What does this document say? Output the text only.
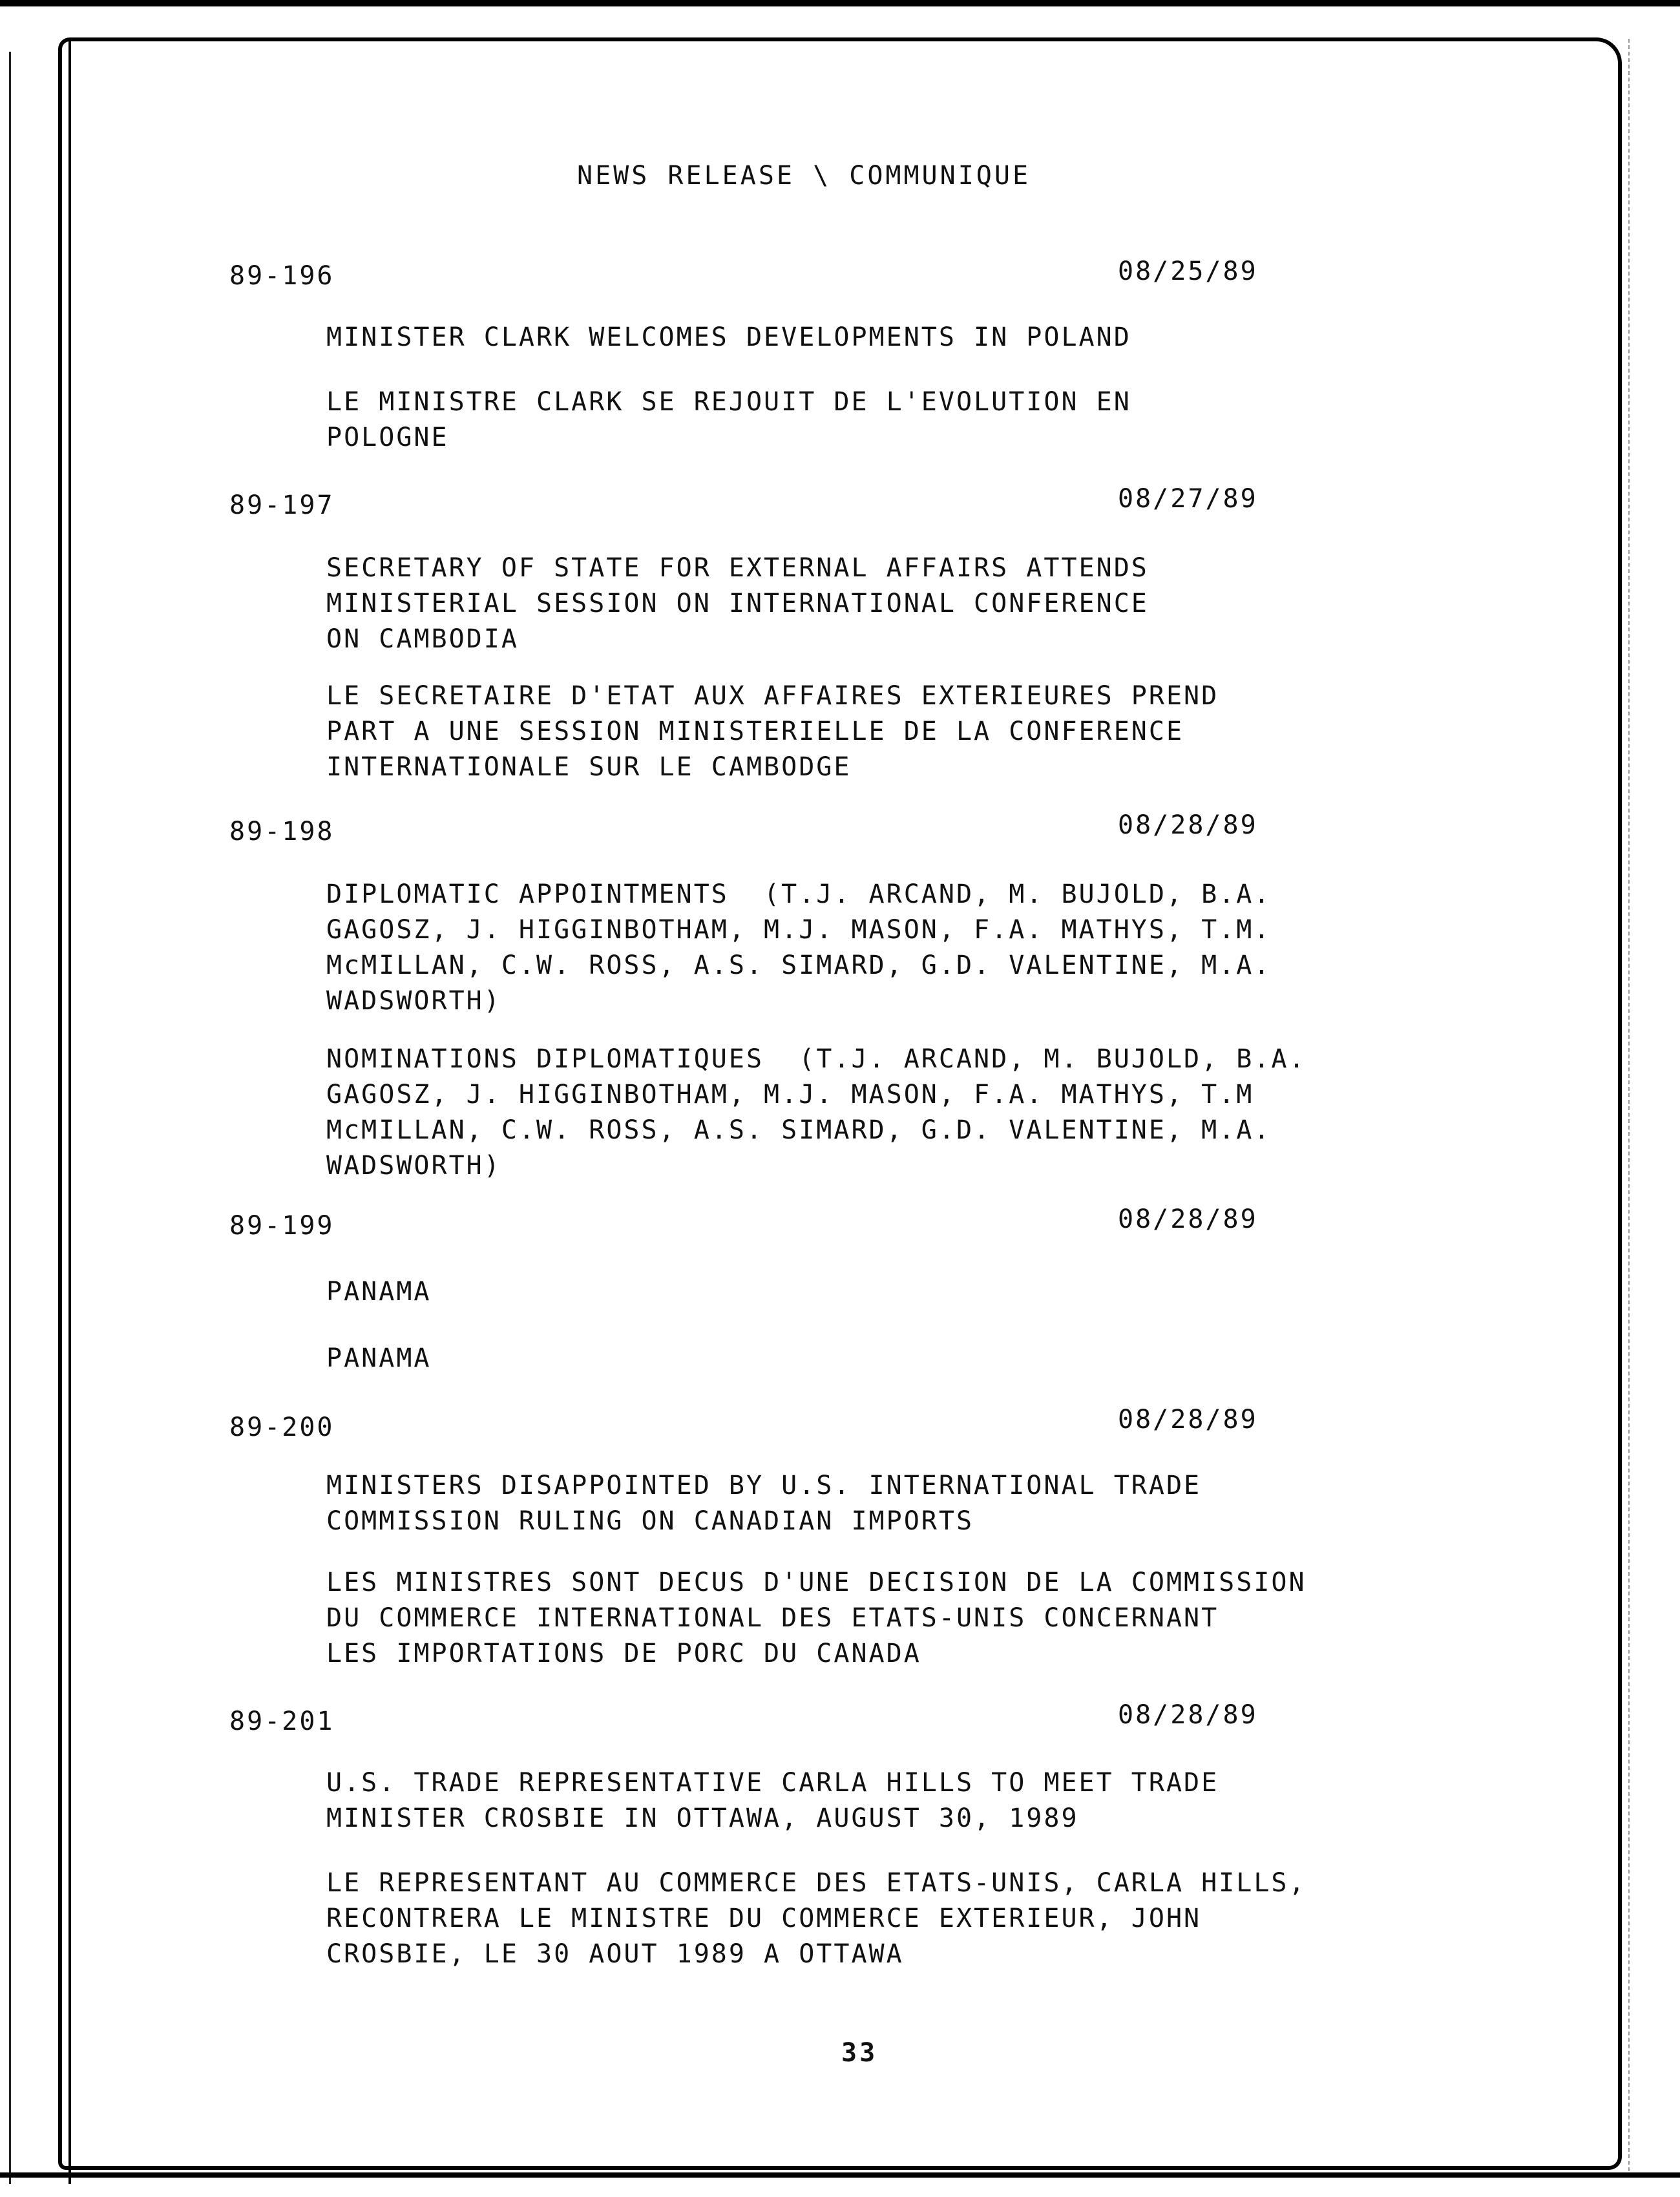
NEWS RELEASE \ COMMUNIQUE
89-196	08/25/89
MINISTER CLARK WELCOMES DEVELOPMENTS IN POLAND
LE MINISTRE CLARK SE REJOUIT DE L'EVOLUTION EN
POLOGNE
89-197	08/27/89
SECRETARY OF STATE FOR EXTERNAL AFFAIRS ATTENDS
MINISTERIAL SESSION ON INTERNATIONAL CONFERENCE
ON CAMBODIA
LE SECRETAIRE D'ETAT AUX AFFAIRES EXTERIEURES PREND
PART A UNE SESSION MINISTERIELLE DE LA CONFERENCE
INTERNATIONALE SUR LE CAMBODGE
89-198	08/28/89
DIPLOMATIC APPOINTMENTS  (T.J. ARCAND, M. BUJOLD, B.A.
GAGOSZ, J. HIGGINBOTHAM, M.J. MASON, F.A. MATHYS, T.M.
McMILLAN, C.W. ROSS, A.S. SIMARD, G.D. VALENTINE, M.A.
WADSWORTH)
NOMINATIONS DIPLOMATIQUES  (T.J. ARCAND, M. BUJOLD, B.A.
GAGOSZ, J. HIGGINBOTHAM, M.J. MASON, F.A. MATHYS, T.M
McMILLAN, C.W. ROSS, A.S. SIMARD, G.D. VALENTINE, M.A.
WADSWORTH)
89-199	08/28/89
PANAMA
PANAMA
89-200	08/28/89
MINISTERS DISAPPOINTED BY U.S. INTERNATIONAL TRADE
COMMISSION RULING ON CANADIAN IMPORTS
LES MINISTRES SONT DECUS D'UNE DECISION DE LA COMMISSION
DU COMMERCE INTERNATIONAL DES ETATS-UNIS CONCERNANT
LES IMPORTATIONS DE PORC DU CANADA
89-201	08/28/89
U.S. TRADE REPRESENTATIVE CARLA HILLS TO MEET TRADE
MINISTER CROSBIE IN OTTAWA, AUGUST 30, 1989
LE REPRESENTANT AU COMMERCE DES ETATS-UNIS, CARLA HILLS,
RECONTRERA LE MINISTRE DU COMMERCE EXTERIEUR, JOHN
CROSBIE, LE 30 AOUT 1989 A OTTAWA
33
